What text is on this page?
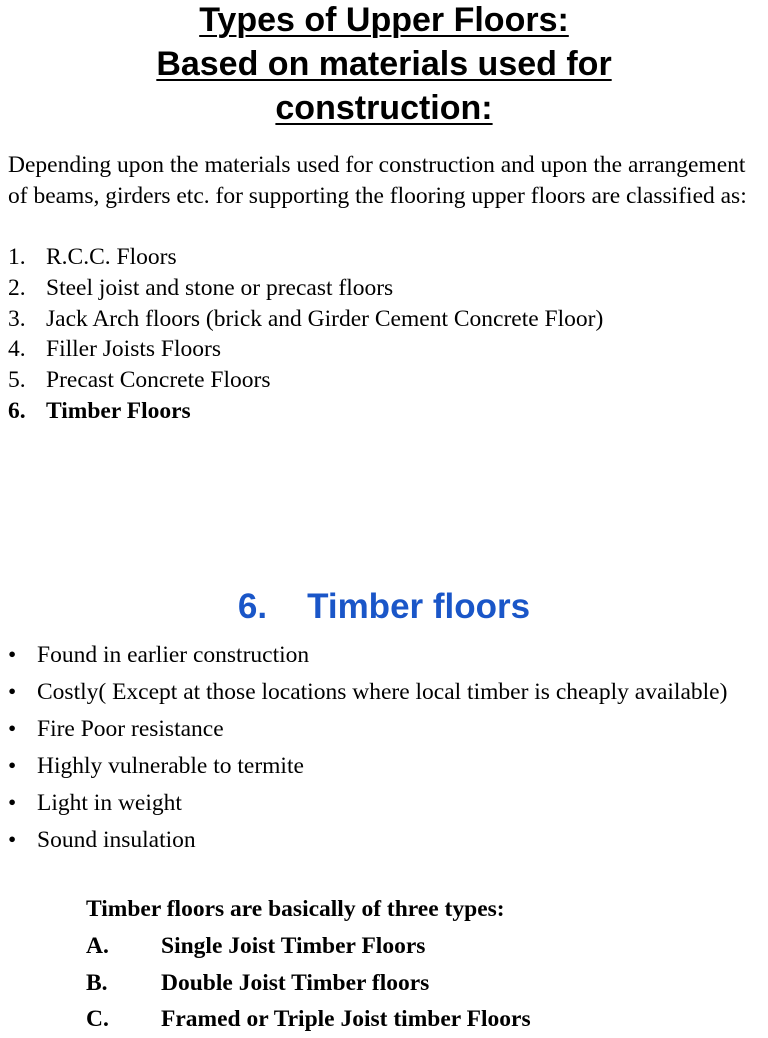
Types of Upper Floors:
Based on materials used for
construction:

Depending upon the materials used for construction and upon the arrangement of beams, girders etc. for supporting the flooring upper floors are classified as:

1. R.C.C. Floors
2. Steel joist and stone or precast floors
3. Jack Arch floors (brick and Girder Cement Concrete Floor)
4. Filler Joists Floors
5. Precast Concrete Floors
6. Timber Floors
6. Timber floors
• Found in earlier construction
• Costly( Except at those locations where local timber is cheaply available)
• Fire Poor resistance
• Highly vulnerable to termite
• Light in weight
• Sound insulation
Timber floors are basically of three types:
A.	Single Joist Timber Floors
B.	Double Joist Timber floors
C.	Framed or Triple Joist timber Floors
